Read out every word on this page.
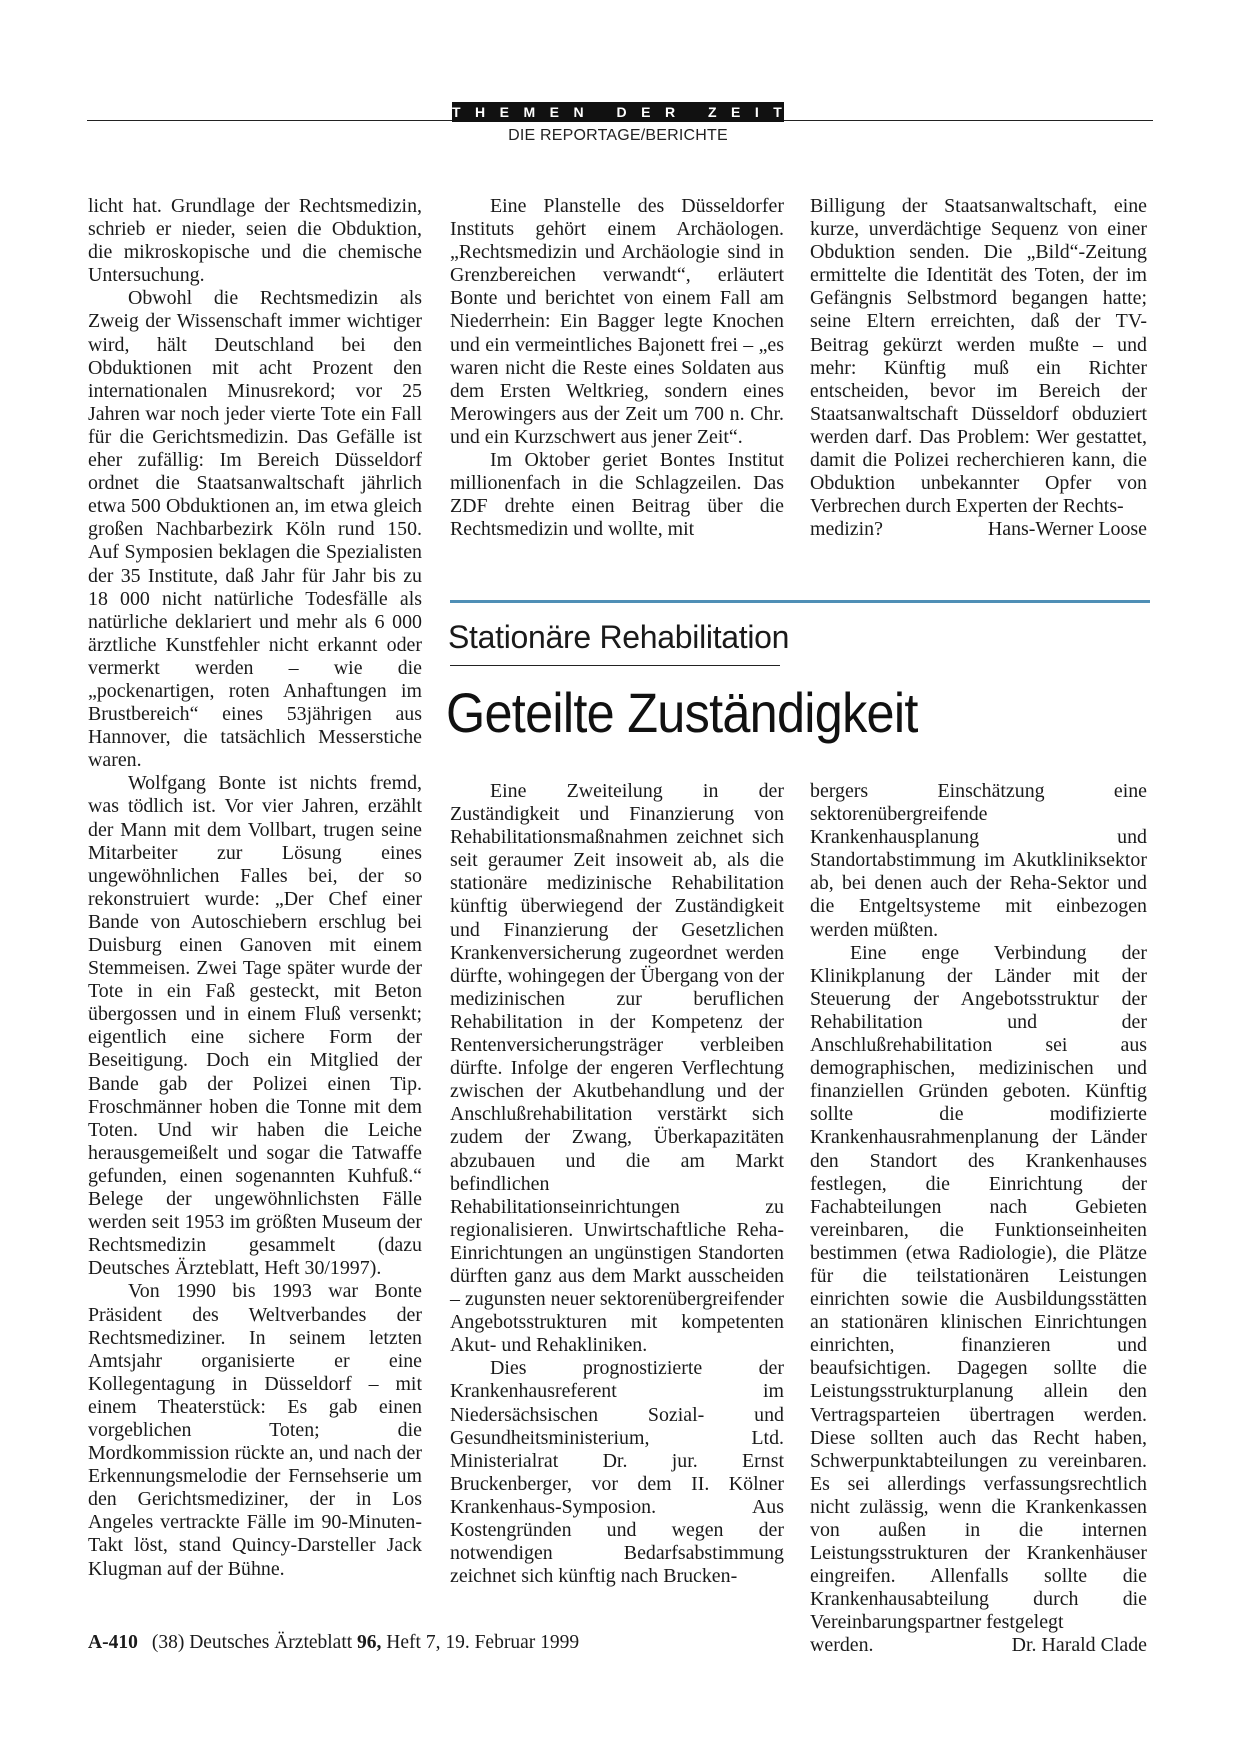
THEMEN DER ZEIT
DIE REPORTAGE/BERICHTE

licht hat. Grundlage der Rechtsmedizin, schrieb er nieder, seien die Obduktion, die mikroskopische und die chemische Untersuchung.

Obwohl die Rechtsmedizin als Zweig der Wissenschaft immer wichtiger wird, hält Deutschland bei den Obduktionen mit acht Prozent den internationalen Minusrekord; vor 25 Jahren war noch jeder vierte Tote ein Fall für die Gerichtsmedizin. Das Gefälle ist eher zufällig: Im Bereich Düsseldorf ordnet die Staatsanwaltschaft jährlich etwa 500 Obduktionen an, im etwa gleich großen Nachbarbezirk Köln rund 150. Auf Symposien beklagen die Spezialisten der 35 Institute, daß Jahr für Jahr bis zu 18 000 nicht natürliche Todesfälle als natürliche deklariert und mehr als 6 000 ärztliche Kunstfehler nicht erkannt oder vermerkt werden – wie die „pockenartigen, roten Anhaftungen im Brustbereich“ eines 53jährigen aus Hannover, die tatsächlich Messerstiche waren.

Wolfgang Bonte ist nichts fremd, was tödlich ist. Vor vier Jahren, erzählt der Mann mit dem Vollbart, trugen seine Mitarbeiter zur Lösung eines ungewöhnlichen Falles bei, der so rekonstruiert wurde: „Der Chef einer Bande von Autoschiebern erschlug bei Duisburg einen Ganoven mit einem Stemmeisen. Zwei Tage später wurde der Tote in ein Faß gesteckt, mit Beton übergossen und in einem Fluß versenkt; eigentlich eine sichere Form der Beseitigung. Doch ein Mitglied der Bande gab der Polizei einen Tip. Froschmänner hoben die Tonne mit dem Toten. Und wir haben die Leiche herausgemeißelt und sogar die Tatwaffe gefunden, einen sogenannten Kuhfuß.“ Belege der ungewöhnlichsten Fälle werden seit 1953 im größten Museum der Rechtsmedizin gesammelt (dazu Deutsches Ärzteblatt, Heft 30/1997).

Von 1990 bis 1993 war Bonte Präsident des Weltverbandes der Rechtsmediziner. In seinem letzten Amtsjahr organisierte er eine Kollegentagung in Düsseldorf – mit einem Theaterstück: Es gab einen vorgeblichen Toten; die Mordkommission rückte an, und nach der Erkennungsmelodie der Fernsehserie um den Gerichtsmediziner, der in Los Angeles vertrackte Fälle im 90-Minuten-Takt löst, stand Quincy-Darsteller Jack Klugman auf der Bühne.

Eine Planstelle des Düsseldorfer Instituts gehört einem Archäologen. „Rechtsmedizin und Archäologie sind in Grenzbereichen verwandt“, erläutert Bonte und berichtet von einem Fall am Niederrhein: Ein Bagger legte Knochen und ein vermeintliches Bajonett frei – „es waren nicht die Reste eines Soldaten aus dem Ersten Weltkrieg, sondern eines Merowingers aus der Zeit um 700 n. Chr. und ein Kurzschwert aus jener Zeit“.

Im Oktober geriet Bontes Institut millionenfach in die Schlagzeilen. Das ZDF drehte einen Beitrag über die Rechtsmedizin und wollte, mit

Billigung der Staatsanwaltschaft, eine kurze, unverdächtige Sequenz von einer Obduktion senden. Die „Bild“-Zeitung ermittelte die Identität des Toten, der im Gefängnis Selbstmord begangen hatte; seine Eltern erreichten, daß der TV-Beitrag gekürzt werden mußte – und mehr: Künftig muß ein Richter entscheiden, bevor im Bereich der Staatsanwaltschaft Düsseldorf obduziert werden darf. Das Problem: Wer gestattet, damit die Polizei recherchieren kann, die Obduktion unbekannter Opfer von Verbrechen durch Experten der Rechts-

medizin?	Hans-Werner Loose
Stationäre Rehabilitation
Geteilte Zuständigkeit

Eine Zweiteilung in der Zuständigkeit und Finanzierung von Rehabilitationsmaßnahmen zeichnet sich seit geraumer Zeit insoweit ab, als die stationäre medizinische Rehabilitation künftig überwiegend der Zuständigkeit und Finanzierung der Gesetzlichen Krankenversicherung zugeordnet werden dürfte, wohingegen der Übergang von der medizinischen zur beruflichen Rehabilitation in der Kompetenz der Rentenversicherungsträger verbleiben dürfte. Infolge der engeren Verflechtung zwischen der Akutbehandlung und der Anschlußrehabilitation verstärkt sich zudem der Zwang, Überkapazitäten abzubauen und die am Markt befindlichen Rehabilitationseinrichtungen zu regionalisieren. Unwirtschaftliche Reha-Einrichtungen an ungünstigen Standorten dürften ganz aus dem Markt ausscheiden – zugunsten neuer sektorenübergreifender Angebotsstrukturen mit kompetenten Akut- und Rehakliniken.

Dies prognostizierte der Krankenhausreferent im Niedersächsischen Sozial- und Gesundheitsministerium, Ltd. Ministerialrat Dr. jur. Ernst Bruckenberger, vor dem II. Kölner Krankenhaus-Symposion. Aus Kostengründen und wegen der notwendigen Bedarfsabstimmung zeichnet sich künftig nach Brucken-

bergers Einschätzung eine sektorenübergreifende Krankenhausplanung und Standortabstimmung im Akutkliniksektor ab, bei denen auch der Reha-Sektor und die Entgeltsysteme mit einbezogen werden müßten.

Eine enge Verbindung der Klinikplanung der Länder mit der Steuerung der Angebotsstruktur der Rehabilitation und der Anschlußrehabilitation sei aus demographischen, medizinischen und finanziellen Gründen geboten. Künftig sollte die modifizierte Krankenhausrahmenplanung der Länder den Standort des Krankenhauses festlegen, die Einrichtung der Fachabteilungen nach Gebieten vereinbaren, die Funktionseinheiten bestimmen (etwa Radiologie), die Plätze für die teilstationären Leistungen einrichten sowie die Ausbildungsstätten an stationären klinischen Einrichtungen einrichten, finanzieren und beaufsichtigen. Dagegen sollte die Leistungsstrukturplanung allein den Vertragsparteien übertragen werden. Diese sollten auch das Recht haben, Schwerpunktabteilungen zu vereinbaren. Es sei allerdings verfassungsrechtlich nicht zulässig, wenn die Krankenkassen von außen in die internen Leistungsstrukturen der Krankenhäuser eingreifen. Allenfalls sollte die Krankenhausabteilung durch die Vereinbarungspartner festgelegt

werden.	Dr. Harald Clade
A-410 (38) Deutsches Ärzteblatt 96, Heft 7, 19. Februar 1999
